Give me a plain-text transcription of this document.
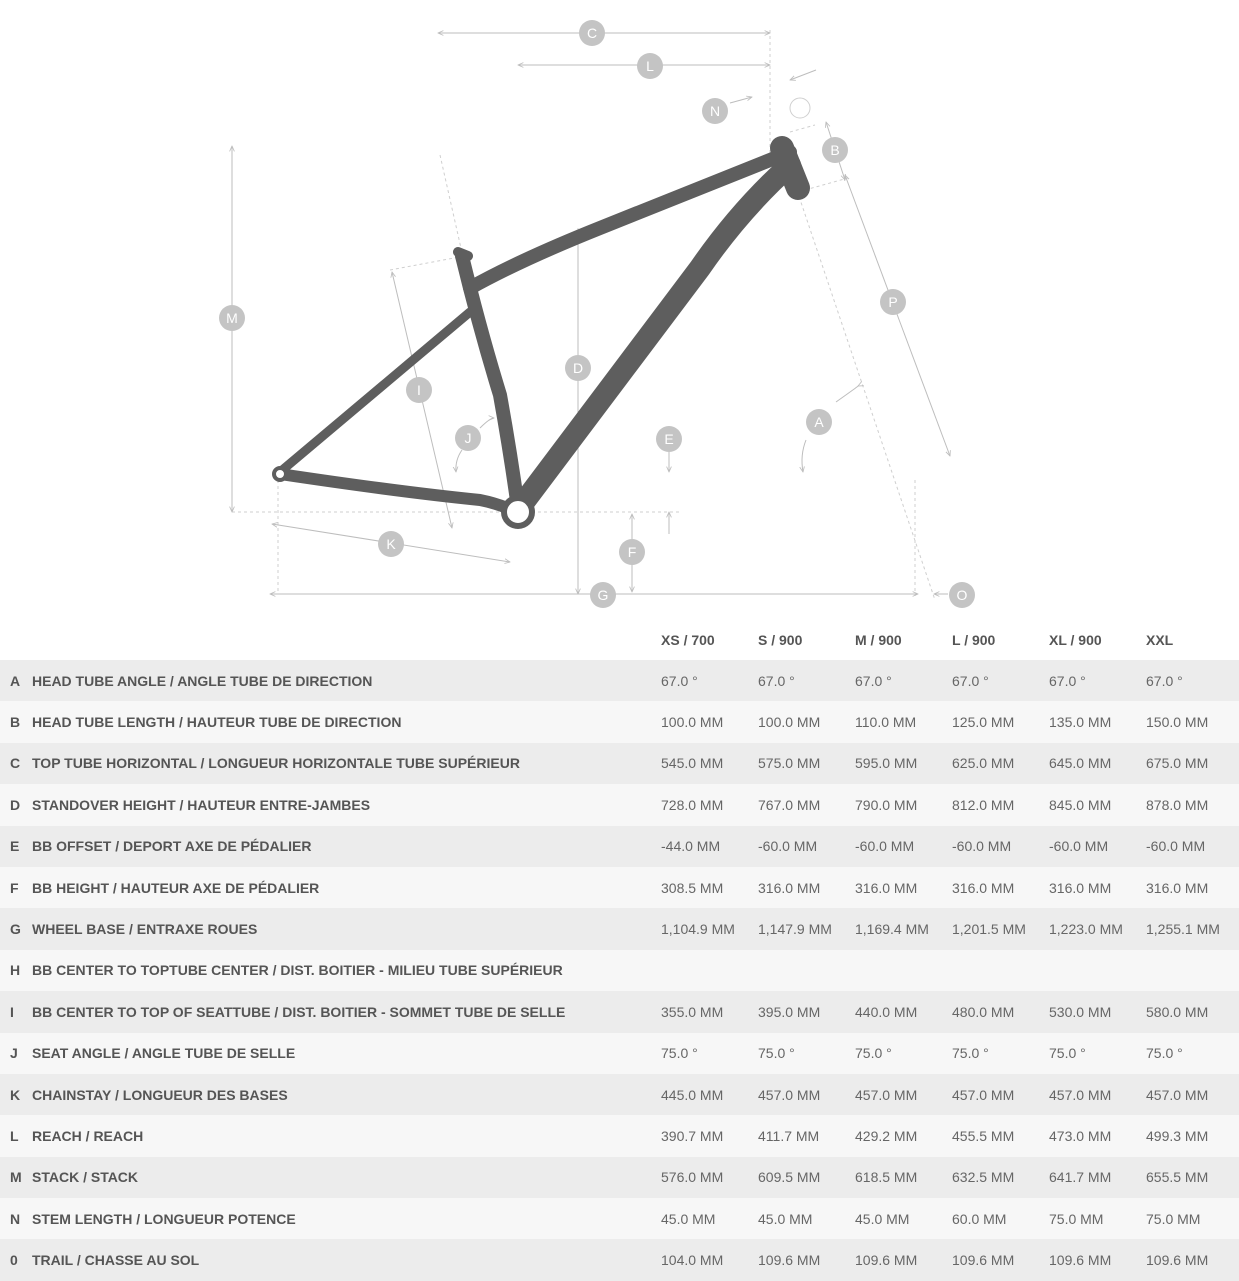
A
B
C
D
E
F
G
I
J
K
L
M
N
P
O
		XS / 700	S / 900	M / 900	L / 900	XL / 900	XXL
A	HEAD TUBE ANGLE / ANGLE TUBE DE DIRECTION	67.0 °	67.0 °	67.0 °	67.0 °	67.0 °	67.0 °
B	HEAD TUBE LENGTH / HAUTEUR TUBE DE DIRECTION	100.0 MM	100.0 MM	110.0 MM	125.0 MM	135.0 MM	150.0 MM
C	TOP TUBE HORIZONTAL / LONGUEUR HORIZONTALE TUBE SUPÉRIEUR	545.0 MM	575.0 MM	595.0 MM	625.0 MM	645.0 MM	675.0 MM
D	STANDOVER HEIGHT / HAUTEUR ENTRE-JAMBES	728.0 MM	767.0 MM	790.0 MM	812.0 MM	845.0 MM	878.0 MM
E	BB OFFSET / DEPORT AXE DE PÉDALIER	-44.0 MM	-60.0 MM	-60.0 MM	-60.0 MM	-60.0 MM	-60.0 MM
F	BB HEIGHT / HAUTEUR AXE DE PÉDALIER	308.5 MM	316.0 MM	316.0 MM	316.0 MM	316.0 MM	316.0 MM
G	WHEEL BASE / ENTRAXE ROUES	1,104.9 MM	1,147.9 MM	1,169.4 MM	1,201.5 MM	1,223.0 MM	1,255.1 MM
H	BB CENTER TO TOPTUBE CENTER / DIST. BOITIER - MILIEU TUBE SUPÉRIEUR						
I	BB CENTER TO TOP OF SEATTUBE / DIST. BOITIER - SOMMET TUBE DE SELLE	355.0 MM	395.0 MM	440.0 MM	480.0 MM	530.0 MM	580.0 MM
J	SEAT ANGLE / ANGLE TUBE DE SELLE	75.0 °	75.0 °	75.0 °	75.0 °	75.0 °	75.0 °
K	CHAINSTAY / LONGUEUR DES BASES	445.0 MM	457.0 MM	457.0 MM	457.0 MM	457.0 MM	457.0 MM
L	REACH / REACH	390.7 MM	411.7 MM	429.2 MM	455.5 MM	473.0 MM	499.3 MM
M	STACK / STACK	576.0 MM	609.5 MM	618.5 MM	632.5 MM	641.7 MM	655.5 MM
N	STEM LENGTH / LONGUEUR POTENCE	45.0 MM	45.0 MM	45.0 MM	60.0 MM	75.0 MM	75.0 MM
0	TRAIL / CHASSE AU SOL	104.0 MM	109.6 MM	109.6 MM	109.6 MM	109.6 MM	109.6 MM
